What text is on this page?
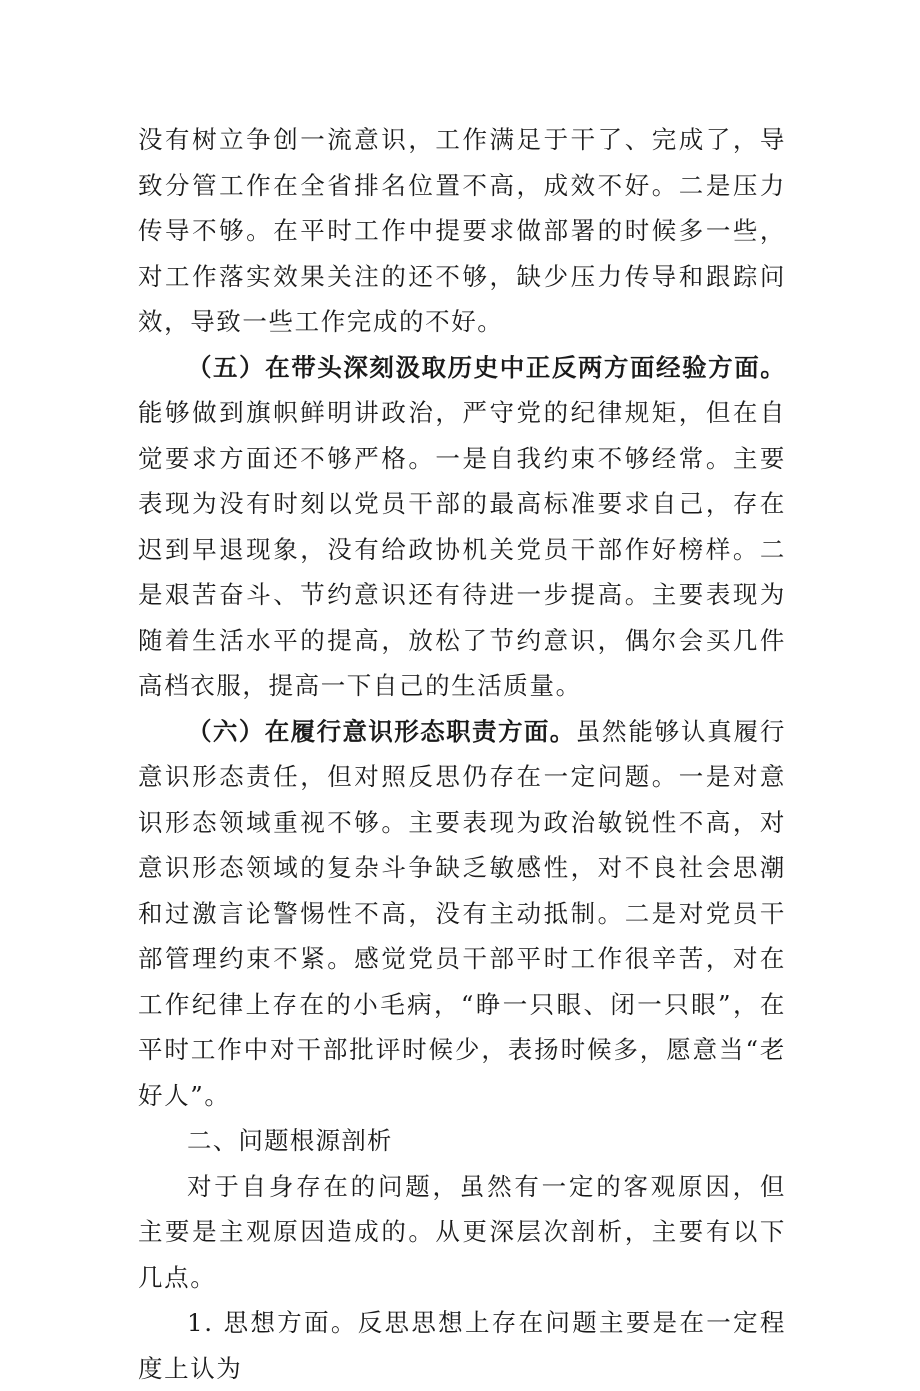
没有树立争创一流意识，工作满足于干了、完成了，导致分管工作在全省排名位置不高，成效不好。二是压力传导不够。在平时工作中提要求做部署的时候多一些，对工作落实效果关注的还不够，缺少压力传导和跟踪问效，导致一些工作完成的不好。

（五）在带头深刻汲取历史中正反两方面经验方面。能够做到旗帜鲜明讲政治，严守党的纪律规矩，但在自觉要求方面还不够严格。一是自我约束不够经常。主要表现为没有时刻以党员干部的最高标准要求自己，存在迟到早退现象，没有给政协机关党员干部作好榜样。二是艰苦奋斗、节约意识还有待进一步提高。主要表现为随着生活水平的提高，放松了节约意识，偶尔会买几件高档衣服，提高一下自己的生活质量。

（六）在履行意识形态职责方面。虽然能够认真履行意识形态责任，但对照反思仍存在一定问题。一是对意识形态领域重视不够。主要表现为政治敏锐性不高，对意识形态领域的复杂斗争缺乏敏感性，对不良社会思潮和过激言论警惕性不高，没有主动抵制。二是对党员干部管理约束不紧。感觉党员干部平时工作很辛苦，对在工作纪律上存在的小毛病，“睁一只眼、闭一只眼”，在平时工作中对干部批评时候少，表扬时候多，愿意当“老好人”。

二、问题根源剖析

对于自身存在的问题，虽然有一定的客观原因，但主要是主观原因造成的。从更深层次剖析，主要有以下几点。

1. 思想方面。反思思想上存在问题主要是在一定程度上认为
